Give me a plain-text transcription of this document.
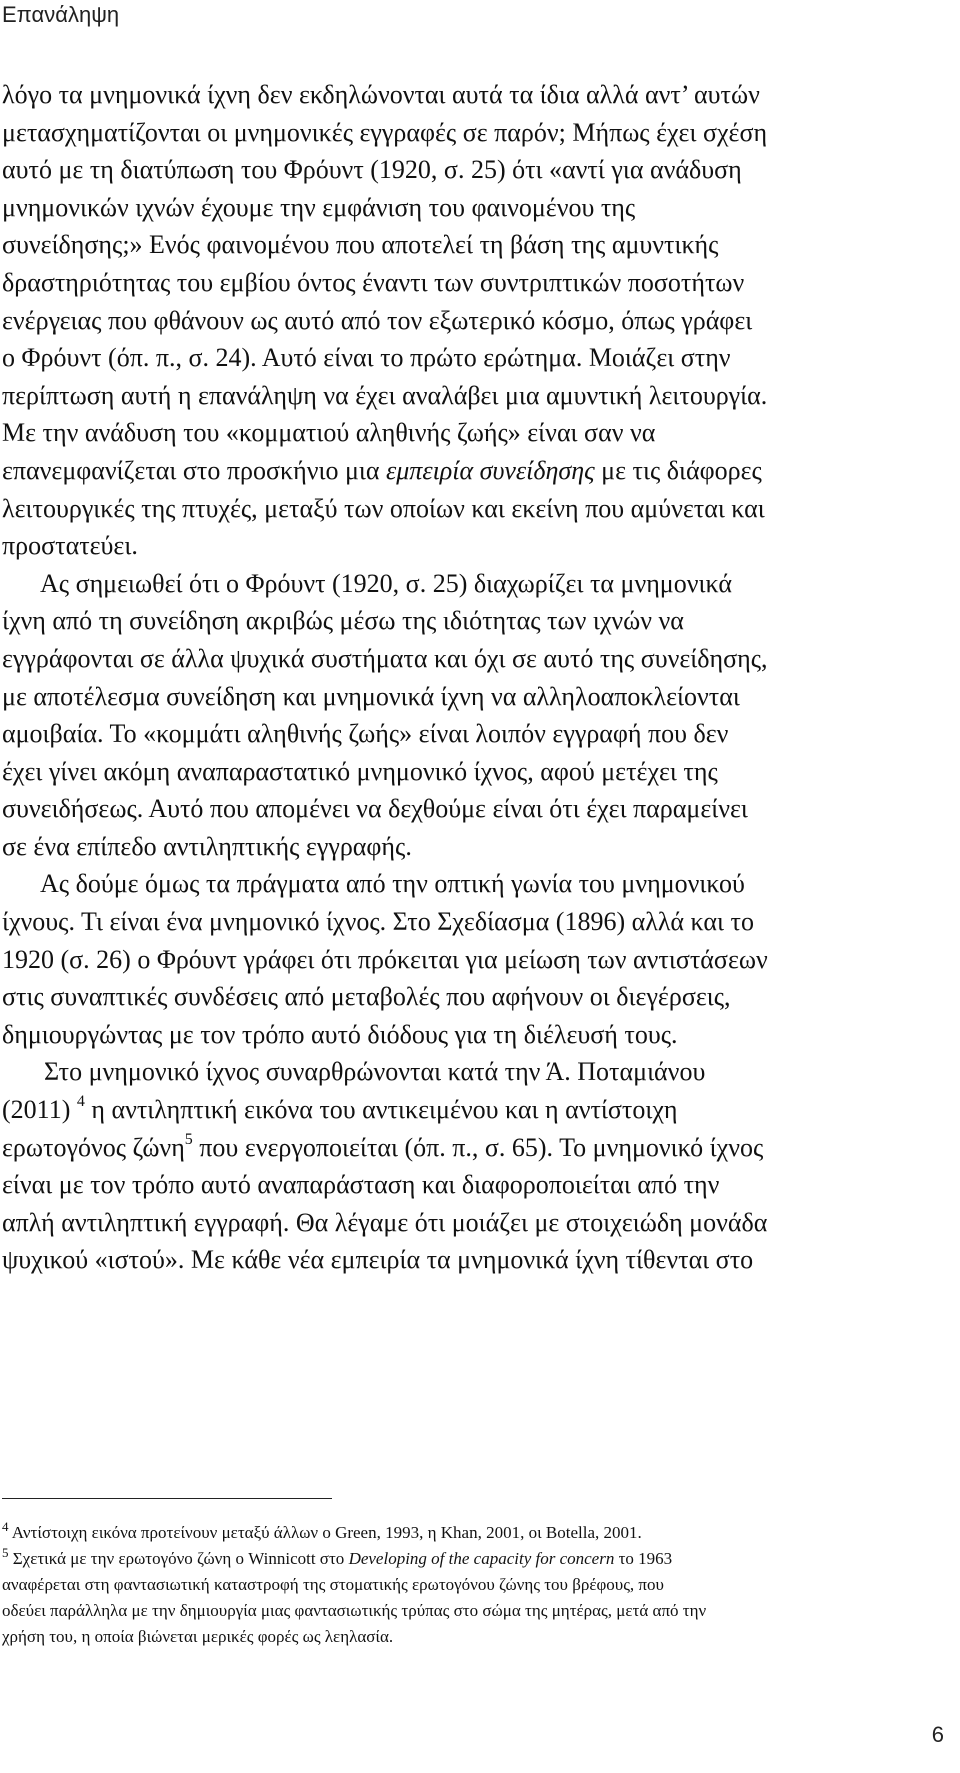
Επανάληψη
λόγο τα μνημονικά ίχνη δεν εκδηλώνονται αυτά τα ίδια αλλά αντ’ αυτών
μετασχηματίζονται οι μνημονικές εγγραφές σε παρόν; Μήπως έχει σχέση
αυτό με τη διατύπωση του Φρόυντ (1920, σ. 25) ότι «αντί για ανάδυση
μνημονικών ιχνών έχουμε την εμφάνιση του φαινομένου της
συνείδησης;» Ενός φαινομένου που αποτελεί τη βάση της αμυντικής
δραστηριότητας του εμβίου όντος έναντι των συντριπτικών ποσοτήτων
ενέργειας που φθάνουν ως αυτό από τον εξωτερικό κόσμο, όπως γράφει
ο Φρόυντ (όπ. π., σ. 24). Αυτό είναι το πρώτο ερώτημα. Μοιάζει στην
περίπτωση αυτή η επανάληψη να έχει αναλάβει μια αμυντική λειτουργία.
Με την ανάδυση του «κομματιού αληθινής ζωής» είναι σαν να
επανεμφανίζεται στο προσκήνιο μια εμπειρία συνείδησης με τις διάφορες
λειτουργικές της πτυχές, μεταξύ των οποίων και εκείνη που αμύνεται και
προστατεύει.
Ας σημειωθεί ότι ο Φρόυντ (1920, σ. 25) διαχωρίζει τα μνημονικά
ίχνη από τη συνείδηση ακριβώς μέσω της ιδιότητας των ιχνών να
εγγράφονται σε άλλα ψυχικά συστήματα και όχι σε αυτό της συνείδησης,
με αποτέλεσμα συνείδηση και μνημονικά ίχνη να αλληλοαποκλείονται
αμοιβαία. Το «κομμάτι αληθινής ζωής» είναι λοιπόν εγγραφή που δεν
έχει γίνει ακόμη αναπαραστατικό μνημονικό ίχνος, αφού μετέχει της
συνειδήσεως. Αυτό που απομένει να δεχθούμε είναι ότι έχει παραμείνει
σε ένα επίπεδο αντιληπτικής εγγραφής.
Ας δούμε όμως τα πράγματα από την οπτική γωνία του μνημονικού
ίχνους. Τι είναι ένα μνημονικό ίχνος. Στο Σχεδίασμα (1896) αλλά και το
1920 (σ. 26) ο Φρόυντ γράφει ότι πρόκειται για μείωση των αντιστάσεων
στις συναπτικές συνδέσεις από μεταβολές που αφήνουν οι διεγέρσεις,
δημιουργώντας με τον τρόπο αυτό διόδους για τη διέλευσή τους.
Στο μνημονικό ίχνος συναρθρώνονται κατά την Ά. Ποταμιάνου
(2011) $^4$ η αντιληπτική εικόνα του αντικειμένου και η αντίστοιχη
ερωτογόνος ζώνη$^5$ που ενεργοποιείται (όπ. π., σ. 65). Το μνημονικό ίχνος
είναι με τον τρόπο αυτό αναπαράσταση και διαφοροποιείται από την
απλή αντιληπτική εγγραφή. Θα λέγαμε ότι μοιάζει με στοιχειώδη μονάδα
ψυχικού «ιστού». Με κάθε νέα εμπειρία τα μνημονικά ίχνη τίθενται στο
$^4$ Αντίστοιχη εικόνα προτείνουν μεταξύ άλλων ο Green, 1993, η Khan, 2001, οι Botella, 2001.
$^5$ Σχετικά με την ερωτογόνο ζώνη ο Winnicott στο Developing of the capacity for concern το 1963
αναφέρεται στη φαντασιωτική καταστροφή της στοματικής ερωτογόνου ζώνης του βρέφους, που
οδεύει παράλληλα με την δημιουργία μιας φαντασιωτικής τρύπας στο σώμα της μητέρας, μετά από την
χρήση του, η οποία βιώνεται μερικές φορές ως λεηλασία.
6
